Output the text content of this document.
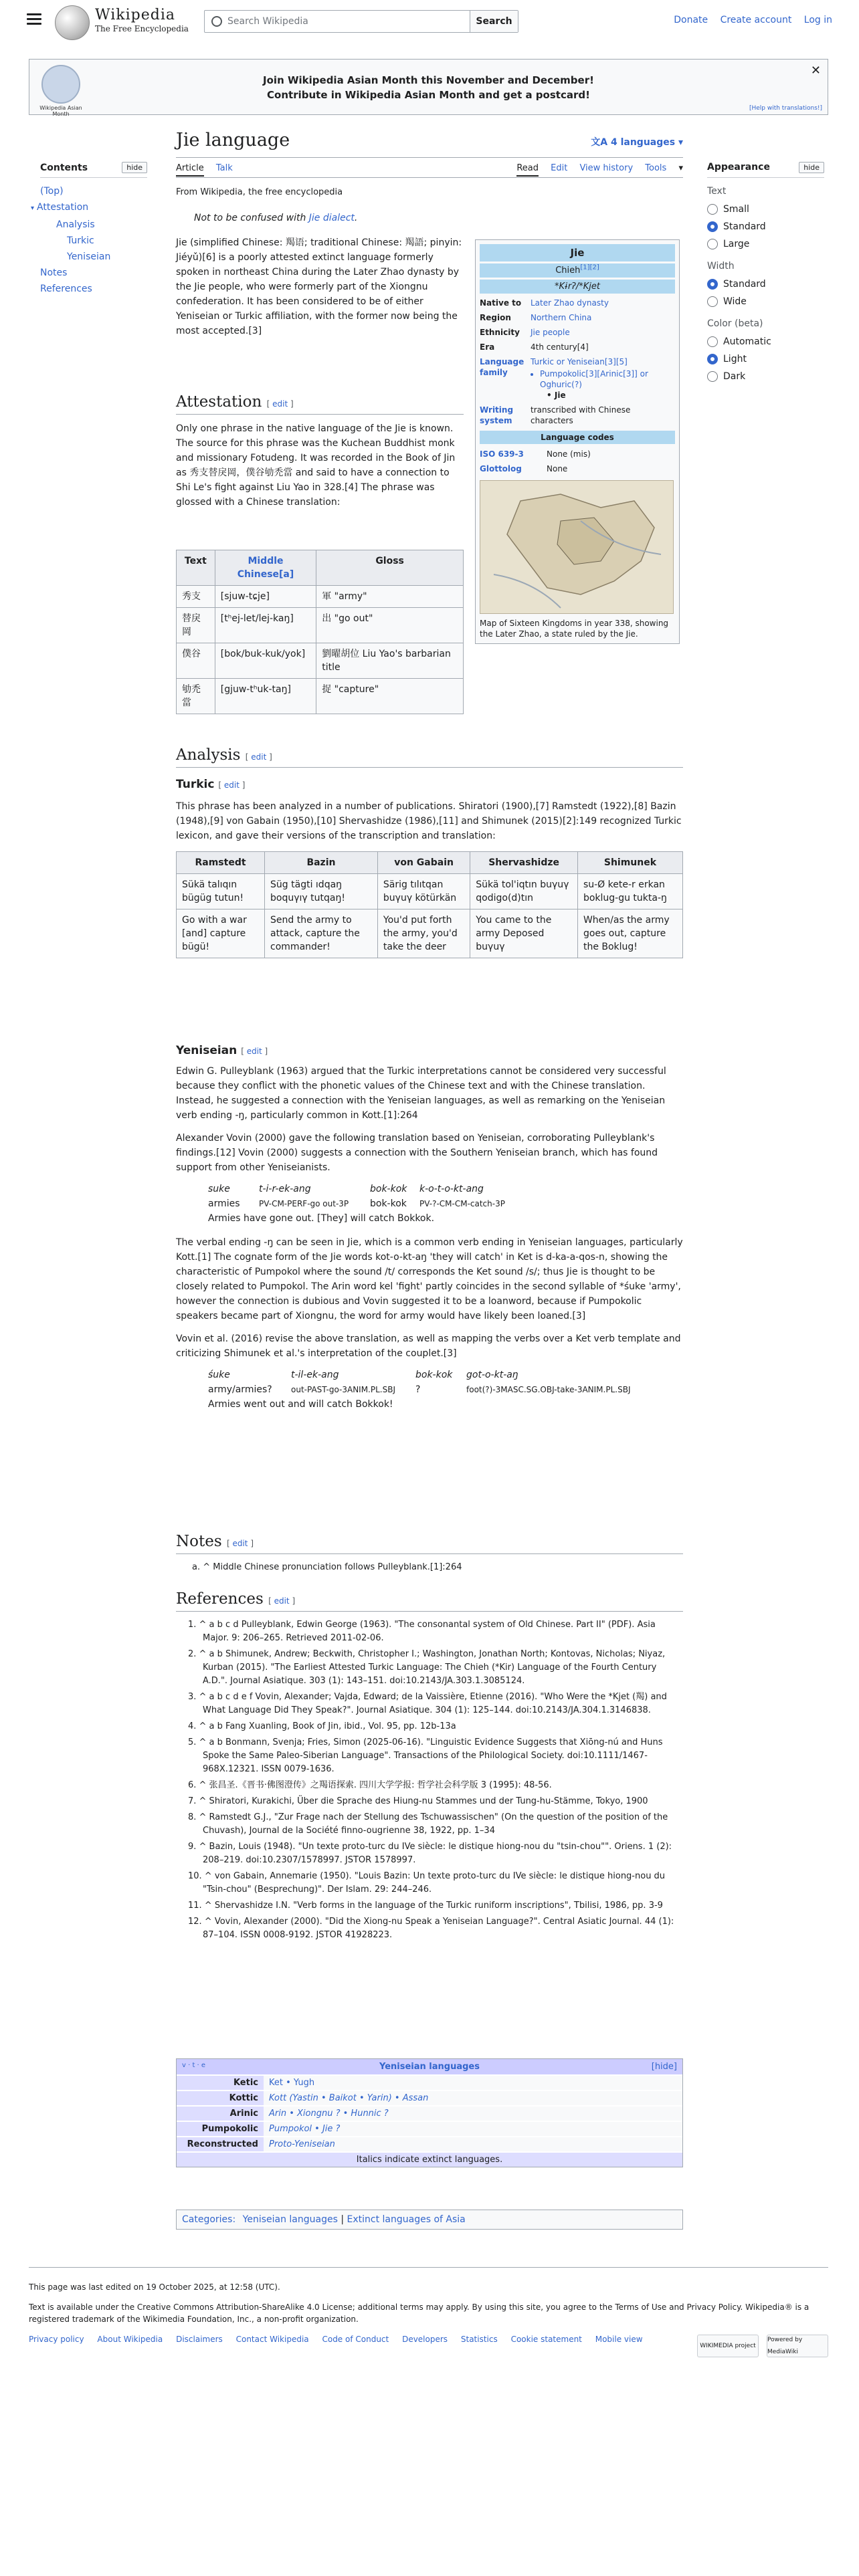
Wikipedia
The Free Encyclopedia
Search Wikipedia	Search	Donate Create account Log in
Wikipedia Asian Month
Join Wikipedia Asian Month this November and December!
Contribute in Wikipedia Asian Month and get a postcard!
✕
[Help with translations!]
Contents	hide
(Top)
▾ Attestation
Analysis
Turkic
Yeniseian
Notes
References
Appearance	hide
Text
Small
Standard
Large
Width
Standard
Wide
Color (beta)
Automatic
Light
Dark
Jie language	文A 4 languages ▾
Article Talk	Read Edit View history Tools ▾
From Wikipedia, the free encyclopedia
Not to be confused with Jie dialect.
Jie
Chieh[1][2]
*Kɨrʔ/*Kjet
Native to	Later Zhao dynasty
Region	Northern China
Ethnicity	Jie people
Era	4th century[4]
Language family
Turkic or Yeniseian[3][5]
• Pumpokolic[3][Arinic[3]] or Oghuric(?)
• Jie
Writing system
transcribed with Chinese characters
Language codes
ISO 639-3	None (mis)
Glottolog	None
Map of Sixteen Kingdoms in year 338, showing the Later Zhao, a state ruled by the Jie.
Jie (simplified Chinese: 羯语; traditional Chinese: 羯語; pinyin: Jiéyǔ)[6] is a poorly attested extinct language formerly spoken in northeast China during the Later Zhao dynasty by the Jie people, who were formerly part of the Xiongnu confederation. It has been considered to be of either Yeniseian or Turkic affiliation, with the former now being the most accepted.[3]
Attestation [ edit ]
Only one phrase in the native language of the Jie is known. The source for this phrase was the Kuchean Buddhist monk and missionary Fotudeng. It was recorded in the Book of Jin as 秀支替戾岡，僕谷劬禿當 and said to have a connection to Shi Le's fight against Liu Yao in 328.[4] The phrase was glossed with a Chinese translation:
Text	Middle Chinese[a]	Gloss
秀支	[sjuw-tɕje]	軍 "army"
替戾岡	[tʰej-let/lej-kaŋ]	出 "go out"
僕谷	[bok/buk-kuk/yok]	劉曜胡位 Liu Yao's barbarian title
劬禿當	[gjuw-tʰuk-taŋ]	捉 "capture"
Analysis [ edit ]
Turkic [ edit ]
This phrase has been analyzed in a number of publications. Shiratori (1900),[7] Ramstedt (1922),[8] Bazin (1948),[9] von Gabain (1950),[10] Shervashidze (1986),[11] and Shimunek (2015)[2]:149 recognized Turkic lexicon, and gave their versions of the transcription and translation:
Ramstedt	Bazin	von Gabain	Shervashidze	Shimunek
Sükä talıqın bügüg tutun!	Süg tägti ıdqaŋ boquγıγ tutqaŋ!	Särig tılıtqan buγuγ kötürkän	Sükä tol'iqtın buγuγ qodigo(d)tın	su-Ø kete-r erkan boklug-gu tukta-ŋ
Go with a war [and] capture bügü!	Send the army to attack, capture the commander!	You'd put forth the army, you'd take the deer	You came to the army Deposed buγuγ	When/as the army goes out, capture the Boklug!
Yeniseian [ edit ]
Edwin G. Pulleyblank (1963) argued that the Turkic interpretations cannot be considered very successful because they conflict with the phonetic values of the Chinese text and with the Chinese translation. Instead, he suggested a connection with the Yeniseian languages, as well as remarking on the Yeniseian verb ending -ŋ, particularly common in Kott.[1]:264
Alexander Vovin (2000) gave the following translation based on Yeniseian, corroborating Pulleyblank's findings.[12] Vovin (2000) suggests a connection with the Southern Yeniseian branch, which has found support from other Yeniseianists.
suke	t-i-r-ek-ang	bok-kok	k-o-t-o-kt-ang
armies	PV-CM-PERF-go out-3P	bok-kok	PV-?-CM-CM-catch-3P
Armies have gone out. [They] will catch Bokkok.
The verbal ending -ŋ can be seen in Jie, which is a common verb ending in Yeniseian languages, particularly Kott.[1] The cognate form of the Jie words kot-o-kt-aŋ 'they will catch' in Ket is d-ka-a-qos-n, showing the characteristic of Pumpokol where the sound /t/ corresponds the Ket sound /s/; thus Jie is thought to be closely related to Pumpokol. The Arin word kel 'fight' partly coincides in the second syllable of *śuke 'army', however the connection is dubious and Vovin suggested it to be a loanword, because if Pumpokolic speakers became part of Xiongnu, the word for army would have likely been loaned.[3]
Vovin et al. (2016) revise the above translation, as well as mapping the verbs over a Ket verb template and criticizing Shimunek et al.'s interpretation of the couplet.[3]
śuke	t-il-ek-ang	bok-kok	got-o-kt-aŋ
army/armies?	out-PAST-go-3ANIM.PL.SBJ	?	foot(?)-3MASC.SG.OBJ-take-3ANIM.PL.SBJ
Armies went out and will catch Bokkok!
Notes [ edit ]
a. ^ Middle Chinese pronunciation follows Pulleyblank.[1]:264
References [ edit ]
1. ^ a b c d Pulleyblank, Edwin George (1963). "The consonantal system of Old Chinese. Part II" (PDF). Asia Major. 9: 206–265. Retrieved 2011-02-06.
2. ^ a b Shimunek, Andrew; Beckwith, Christopher I.; Washington, Jonathan North; Kontovas, Nicholas; Niyaz, Kurban (2015). "The Earliest Attested Turkic Language: The Chieh (*Kir) Language of the Fourth Century A.D.". Journal Asiatique. 303 (1): 143–151. doi:10.2143/JA.303.1.3085124.
3. ^ a b c d e f Vovin, Alexander; Vajda, Edward; de la Vaissière, Etienne (2016). "Who Were the *Kjet (羯) and What Language Did They Speak?". Journal Asiatique. 304 (1): 125–144. doi:10.2143/JA.304.1.3146838.
4. ^ a b Fang Xuanling, Book of Jin, ibid., Vol. 95, pp. 12b-13a
5. ^ a b Bonmann, Svenja; Fries, Simon (2025-06-16). "Linguistic Evidence Suggests that Xiōng-nú and Huns Spoke the Same Paleo-Siberian Language". Transactions of the Philological Society. doi:10.1111/1467-968X.12321. ISSN 0079-1636.
6. ^ 张昌圣.《晋书·佛图澄传》之羯语探索. 四川大学学报: 哲学社会科学版 3 (1995): 48-56.
7. ^ Shiratori, Kurakichi, Über die Sprache des Hiung-nu Stammes und der Tung-hu-Stämme, Tokyo, 1900
8. ^ Ramstedt G.J., "Zur Frage nach der Stellung des Tschuwassischen" (On the question of the position of the Chuvash), Journal de la Société finno-ougrienne 38, 1922, pp. 1–34
9. ^ Bazin, Louis (1948). "Un texte proto-turc du IVe siècle: le distique hiong-nou du "tsin-chou"". Oriens. 1 (2): 208–219. doi:10.2307/1578997. JSTOR 1578997.
10. ^ von Gabain, Annemarie (1950). "Louis Bazin: Un texte proto-turc du IVe siècle: le distique hiong-nou du "Tsin-chou" (Besprechung)". Der Islam. 29: 244–246.
11. ^ Shervashidze I.N. "Verb forms in the language of the Turkic runiform inscriptions", Tbilisi, 1986, pp. 3-9
12. ^ Vovin, Alexander (2000). "Did the Xiong-nu Speak a Yeniseian Language?". Central Asiatic Journal. 44 (1): 87–104. ISSN 0008-9192. JSTOR 41928223.
v · t · e	Yeniseian languages	[hide]
Ketic	Ket • Yugh
Kottic	Kott (Yastin • Baikot • Yarin) • Assan
Arinic	Arin • Xiongnu ? • Hunnic ?
Pumpokolic	Pumpokol • Jie ?
Reconstructed	Proto-Yeniseian
Italics indicate extinct languages.
Categories: Yeniseian languages | Extinct languages of Asia
This page was last edited on 19 October 2025, at 12:58 (UTC).
Text is available under the Creative Commons Attribution-ShareAlike 4.0 License; additional terms may apply. By using this site, you agree to the Terms of Use and Privacy Policy. Wikipedia® is a registered trademark of the Wikimedia Foundation, Inc., a non-profit organization.
Privacy policy About Wikipedia Disclaimers Contact Wikipedia Code of Conduct Developers Statistics Cookie statement Mobile view
WIKIMEDIA project
Powered by MediaWiki
